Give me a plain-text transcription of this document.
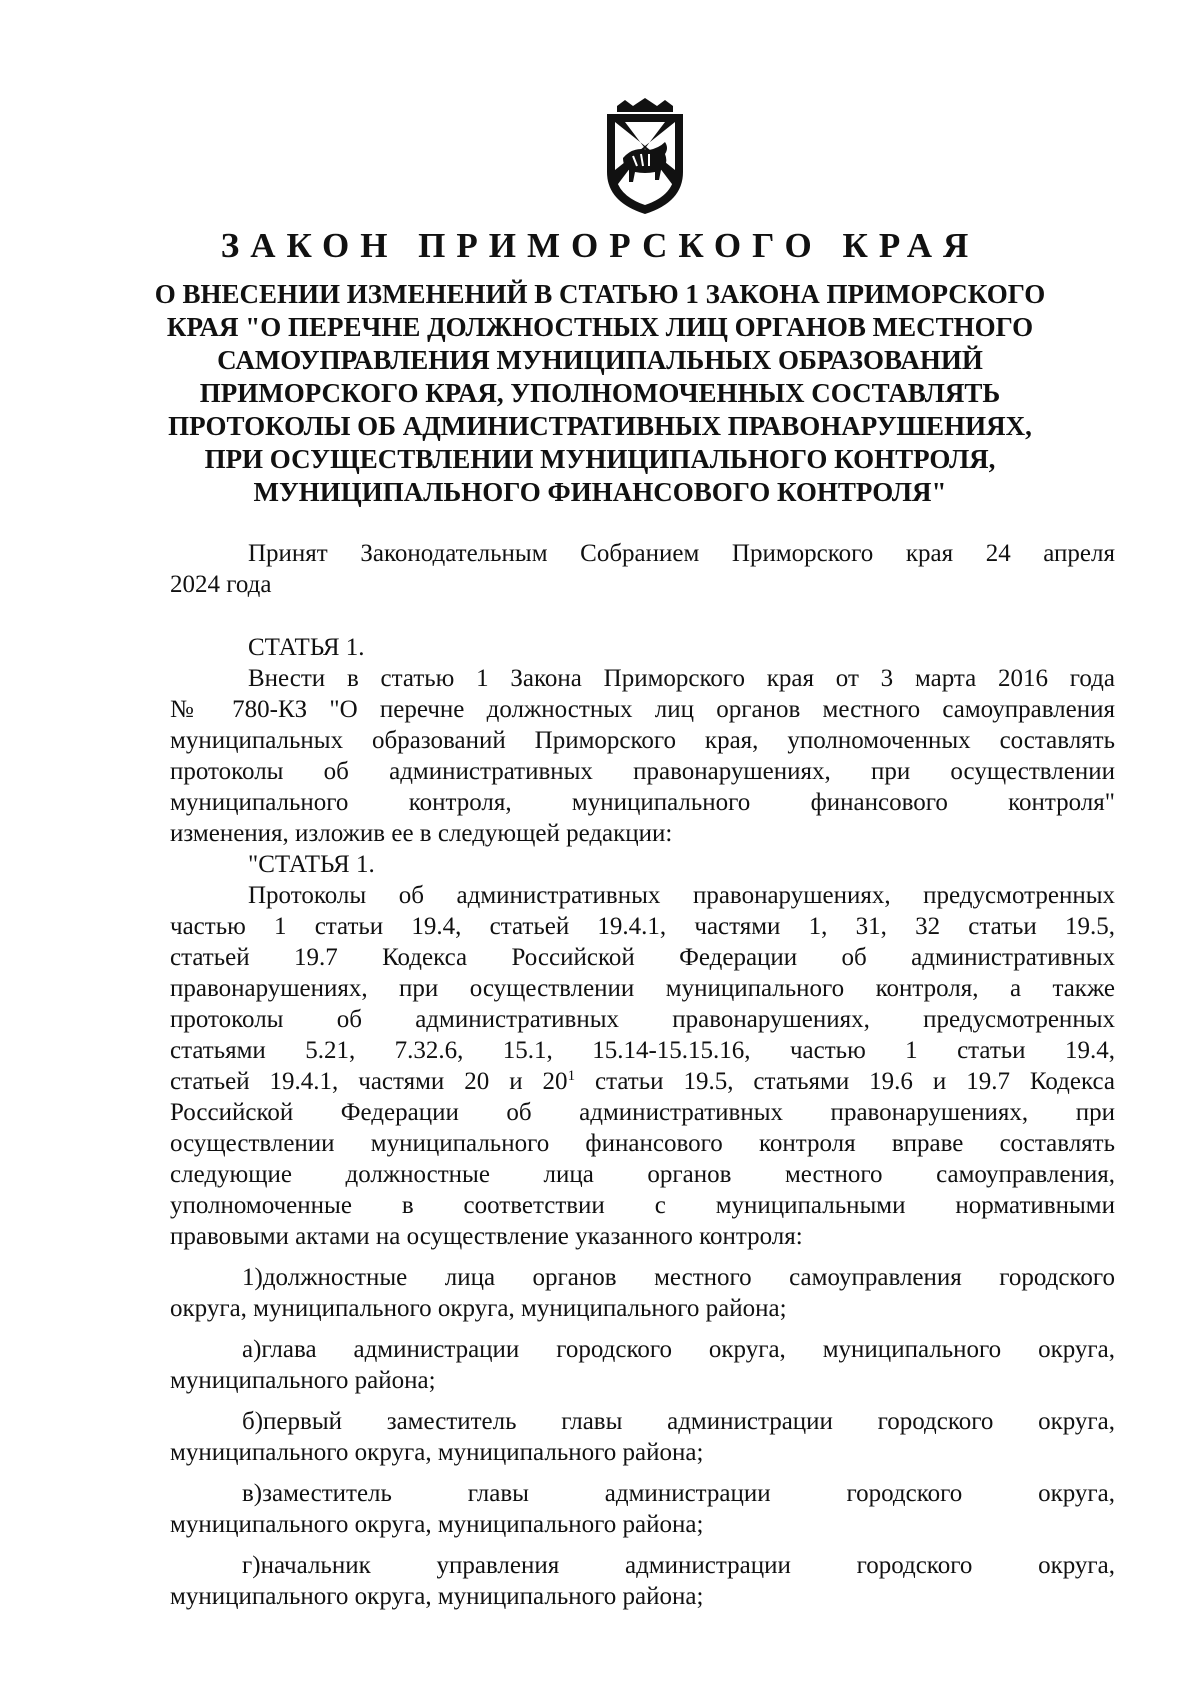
ЗАКОН ПРИМОРСКОГО КРАЯ
О ВНЕСЕНИИ ИЗМЕНЕНИЙ В СТАТЬЮ 1 ЗАКОНА ПРИМОРСКОГО
КРАЯ "О ПЕРЕЧНЕ ДОЛЖНОСТНЫХ ЛИЦ ОРГАНОВ МЕСТНОГО
САМОУПРАВЛЕНИЯ МУНИЦИПАЛЬНЫХ ОБРАЗОВАНИЙ
ПРИМОРСКОГО КРАЯ, УПОЛНОМОЧЕННЫХ СОСТАВЛЯТЬ
ПРОТОКОЛЫ ОБ АДМИНИСТРАТИВНЫХ ПРАВОНАРУШЕНИЯХ,
ПРИ ОСУЩЕСТВЛЕНИИ МУНИЦИПАЛЬНОГО КОНТРОЛЯ,
МУНИЦИПАЛЬНОГО ФИНАНСОВОГО КОНТРОЛЯ"
Принят Законодательным Собранием Приморского края 24 апреля
2024 года
СТАТЬЯ 1.
Внести в статью 1 Закона Приморского края от 3 марта 2016 года
№ 780-КЗ "О перечне должностных лиц органов местного самоуправления
муниципальных образований Приморского края, уполномоченных составлять
протоколы об административных правонарушениях, при осуществлении
муниципального контроля, муниципального финансового контроля"
изменения, изложив ее в следующей редакции:
"СТАТЬЯ 1.
Протоколы об административных правонарушениях, предусмотренных
частью 1 статьи 19.4, статьей 19.4.1, частями 1, 31, 32 статьи 19.5,
статьей 19.7 Кодекса Российской Федерации об административных
правонарушениях, при осуществлении муниципального контроля, а также
протоколы об административных правонарушениях, предусмотренных
статьями 5.21, 7.32.6, 15.1, 15.14-15.15.16, частью 1 статьи 19.4,
статьей 19.4.1, частями 20 и $20^1$ статьи 19.5, статьями 19.6 и 19.7 Кодекса
Российской Федерации об административных правонарушениях, при
осуществлении муниципального финансового контроля вправе составлять
следующие должностные лица органов местного самоуправления,
уполномоченные в соответствии с муниципальными нормативными
правовыми актами на осуществление указанного контроля:
1)должностные лица органов местного самоуправления городского
округа, муниципального округа, муниципального района;
а)глава администрации городского округа, муниципального округа,
муниципального района;
б)первый заместитель главы администрации городского округа,
муниципального округа, муниципального района;
в)заместитель главы администрации городского округа,
муниципального округа, муниципального района;
г)начальник управления администрации городского округа,
муниципального округа, муниципального района;
